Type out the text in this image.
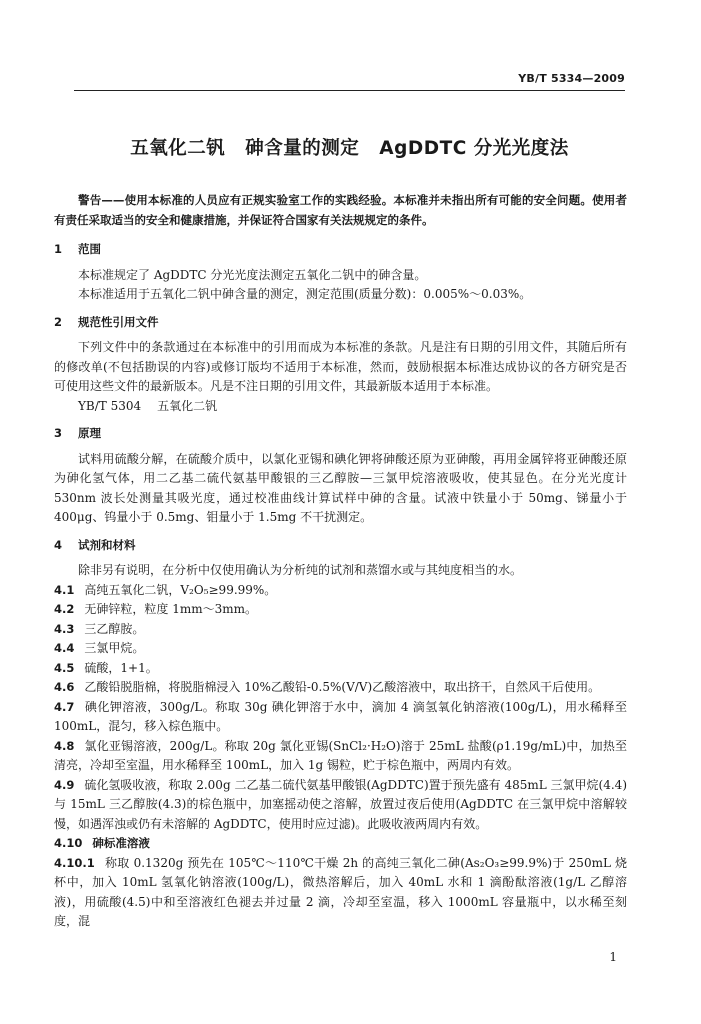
YB/T 5334—2009
五氧化二钒 砷含量的测定 AgDDTC 分光光度法
警告——使用本标准的人员应有正规实验室工作的实践经验。本标准并未指出所有可能的安全问题。使用者有责任采取适当的安全和健康措施，并保证符合国家有关法规规定的条件。
1 范围
本标准规定了 AgDDTC 分光光度法测定五氧化二钒中的砷含量。
本标准适用于五氧化二钒中砷含量的测定，测定范围(质量分数)：0.005%～0.03%。
2 规范性引用文件
下列文件中的条款通过在本标准中的引用而成为本标准的条款。凡是注有日期的引用文件，其随后所有的修改单(不包括勘误的内容)或修订版均不适用于本标准，然而，鼓励根据本标准达成协议的各方研究是否可使用这些文件的最新版本。凡是不注日期的引用文件，其最新版本适用于本标准。
YB/T 5304 五氧化二钒
3 原理
试料用硫酸分解，在硫酸介质中，以氯化亚锡和碘化钾将砷酸还原为亚砷酸，再用金属锌将亚砷酸还原为砷化氢气体，用二乙基二硫代氨基甲酸银的三乙醇胺—三氯甲烷溶液吸收，使其显色。在分光光度计 530nm 波长处测量其吸光度，通过校准曲线计算试样中砷的含量。试液中铁量小于 50mg、锑量小于 400μg、钨量小于 0.5mg、钼量小于 1.5mg 不干扰测定。
4 试剂和材料
除非另有说明，在分析中仅使用确认为分析纯的试剂和蒸馏水或与其纯度相当的水。
4.1 高纯五氧化二钒，V₂O₅≥99.99%。
4.2 无砷锌粒，粒度 1mm～3mm。
4.3 三乙醇胺。
4.4 三氯甲烷。
4.5 硫酸，1+1。
4.6 乙酸铅脱脂棉，将脱脂棉浸入 10%乙酸铅-0.5%(V/V)乙酸溶液中，取出挤干，自然风干后使用。
4.7 碘化钾溶液，300g/L。称取 30g 碘化钾溶于水中，滴加 4 滴氢氧化钠溶液(100g/L)，用水稀释至 100mL，混匀，移入棕色瓶中。
4.8 氯化亚锡溶液，200g/L。称取 20g 氯化亚锡(SnCl₂·H₂O)溶于 25mL 盐酸(ρ1.19g/mL)中，加热至清亮，冷却至室温，用水稀释至 100mL，加入 1g 锡粒，贮于棕色瓶中，两周内有效。
4.9 硫化氢吸收液，称取 2.00g 二乙基二硫代氨基甲酸银(AgDDTC)置于预先盛有 485mL 三氯甲烷(4.4)与 15mL 三乙醇胺(4.3)的棕色瓶中，加塞摇动使之溶解，放置过夜后使用(AgDDTC 在三氯甲烷中溶解较慢，如遇浑浊或仍有未溶解的 AgDDTC，使用时应过滤)。此吸收液两周内有效。
4.10 砷标准溶液
4.10.1 称取 0.1320g 预先在 105℃～110℃干燥 2h 的高纯三氧化二砷(As₂O₃≥99.9%)于 250mL 烧杯中，加入 10mL 氢氧化钠溶液(100g/L)，微热溶解后，加入 40mL 水和 1 滴酚酞溶液(1g/L 乙醇溶液)，用硫酸(4.5)中和至溶液红色褪去并过量 2 滴，冷却至室温，移入 1000mL 容量瓶中，以水稀至刻度，混
1
